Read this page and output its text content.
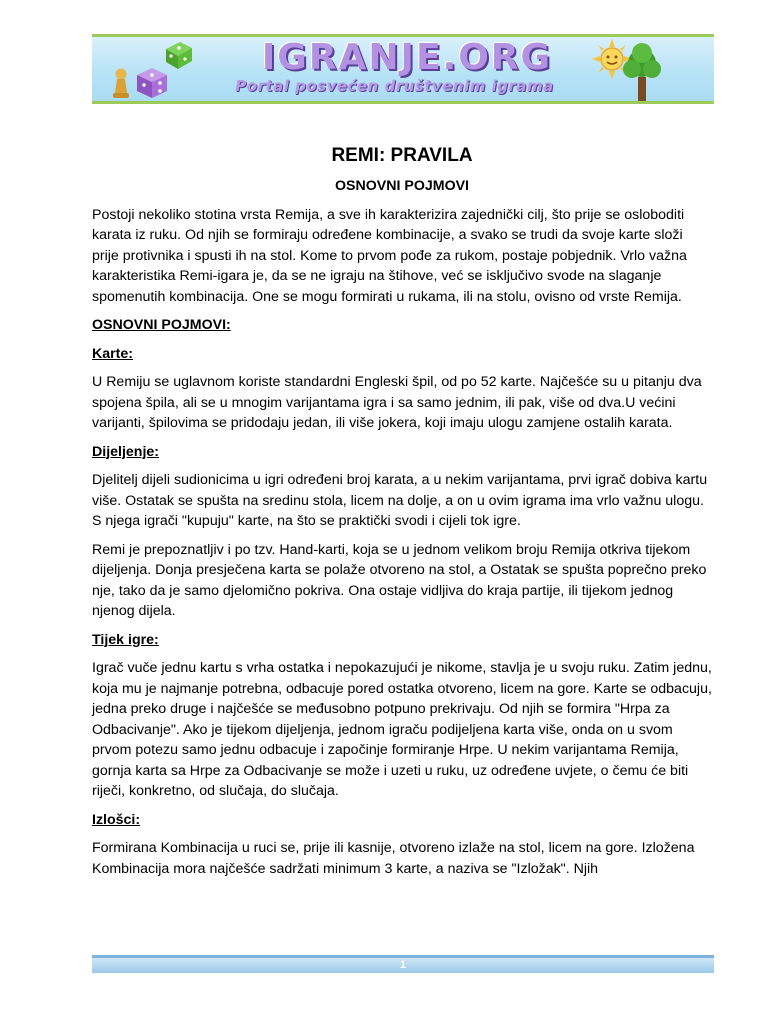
IGRANJE.ORG
Portal posvećen društvenim igrama
REMI: PRAVILA
OSNOVNI POJMOVI

Postoji nekoliko stotina vrsta Remija, a sve ih karakterizira zajednički cilj, što prije se osloboditi karata iz ruku. Od njih se formiraju određene kombinacije, a svako se trudi da svoje karte složi prije protivnika i spusti ih na stol. Kome to prvom pođe za rukom, postaje pobjednik. Vrlo važna karakteristika Remi-igara je, da se ne igraju na štihove, već se isključivo svode na slaganje spomenutih kombinacija. One se mogu formirati u rukama, ili na stolu, ovisno od vrste Remija.

OSNOVNI POJMOVI:
Karte:

U Remiju se uglavnom koriste standardni Engleski špil, od po 52 karte. Najčešće su u pitanju dva spojena špila, ali se u mnogim varijantama igra i sa samo jednim, ili pak, više od dva.U većini varijanti, špilovima se pridodaju jedan, ili više jokera, koji imaju ulogu zamjene ostalih karata.

Dijeljenje:

Djelitelj dijeli sudionicima u igri određeni broj karata, a u nekim varijantama, prvi igrač dobiva kartu više. Ostatak se spušta na sredinu stola, licem na dolje, a on u ovim igrama ima vrlo važnu ulogu. S njega igrači "kupuju" karte, na što se praktički svodi i cijeli tok igre.

Remi je prepoznatljiv i po tzv. Hand-karti, koja se u jednom velikom broju Remija otkriva tijekom dijeljenja. Donja presječena karta se polaže otvoreno na stol, a Ostatak se spušta poprečno preko nje, tako da je samo djelomično pokriva. Ona ostaje vidljiva do kraja partije, ili tijekom jednog njenog dijela.

Tijek igre:

Igrač vuče jednu kartu s vrha ostatka i nepokazujući je nikome, stavlja je u svoju ruku. Zatim jednu, koja mu je najmanje potrebna, odbacuje pored ostatka otvoreno, licem na gore. Karte se odbacuju, jedna preko druge i najčešće se međusobno potpuno prekrivaju. Od njih se formira "Hrpa za Odbacivanje". Ako je tijekom dijeljenja, jednom igraču podijeljena karta više, onda on u svom prvom potezu samo jednu odbacuje i započinje formiranje Hrpe. U nekim varijantama Remija, gornja karta sa Hrpe za Odbacivanje se može i uzeti u ruku, uz određene uvjete, o čemu će biti riječi, konkretno, od slučaja, do slučaja.

Izlošci:

Formirana Kombinacija u ruci se, prije ili kasnije, otvoreno izlaže na stol, licem na gore. Izložena Kombinacija mora najčešće sadržati minimum 3 karte, a naziva se "Izložak". Njih

1
